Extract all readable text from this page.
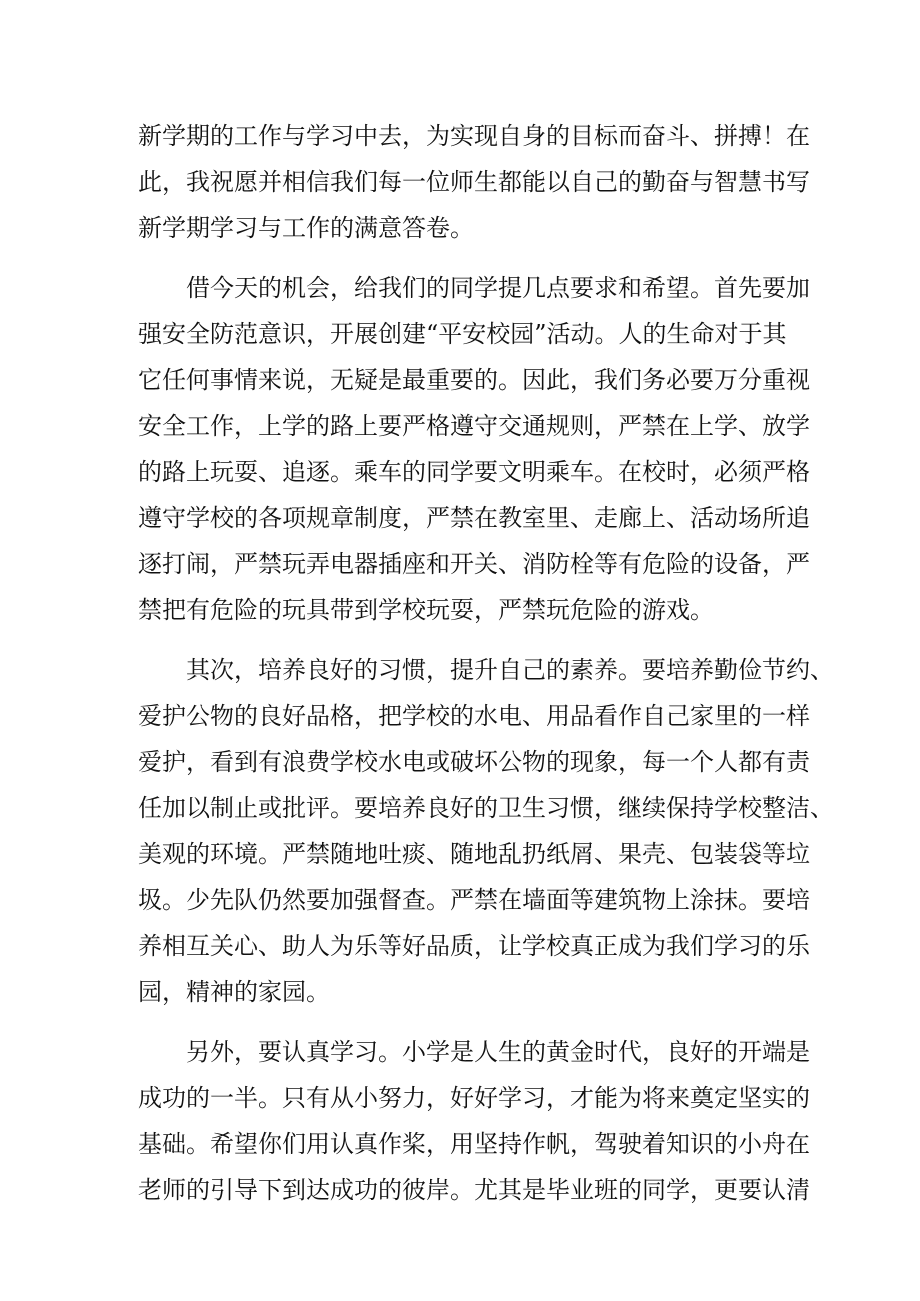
新学期的工作与学习中去，为实现自身的目标而奋斗、拼搏！在
此，我祝愿并相信我们每一位师生都能以自己的勤奋与智慧书写
新学期学习与工作的满意答卷。
　　借今天的机会，给我们的同学提几点要求和希望。首先要加
强安全防范意识，开展创建“平安校园”活动。人的生命对于其
它任何事情来说，无疑是最重要的。因此，我们务必要万分重视
安全工作，上学的路上要严格遵守交通规则，严禁在上学、放学
的路上玩耍、追逐。乘车的同学要文明乘车。在校时，必须严格
遵守学校的各项规章制度，严禁在教室里、走廊上、活动场所追
逐打闹，严禁玩弄电器插座和开关、消防栓等有危险的设备，严
禁把有危险的玩具带到学校玩耍，严禁玩危险的游戏。
　　其次，培养良好的习惯，提升自己的素养。要培养勤俭节约、
爱护公物的良好品格，把学校的水电、用品看作自己家里的一样
爱护，看到有浪费学校水电或破坏公物的现象，每一个人都有责
任加以制止或批评。要培养良好的卫生习惯，继续保持学校整洁、
美观的环境。严禁随地吐痰、随地乱扔纸屑、果壳、包装袋等垃
圾。少先队仍然要加强督查。严禁在墙面等建筑物上涂抹。要培
养相互关心、助人为乐等好品质，让学校真正成为我们学习的乐
园，精神的家园。
　　另外，要认真学习。小学是人生的黄金时代，良好的开端是
成功的一半。只有从小努力，好好学习，才能为将来奠定坚实的
基础。希望你们用认真作桨，用坚持作帆，驾驶着知识的小舟在
老师的引导下到达成功的彼岸。尤其是毕业班的同学，更要认清
